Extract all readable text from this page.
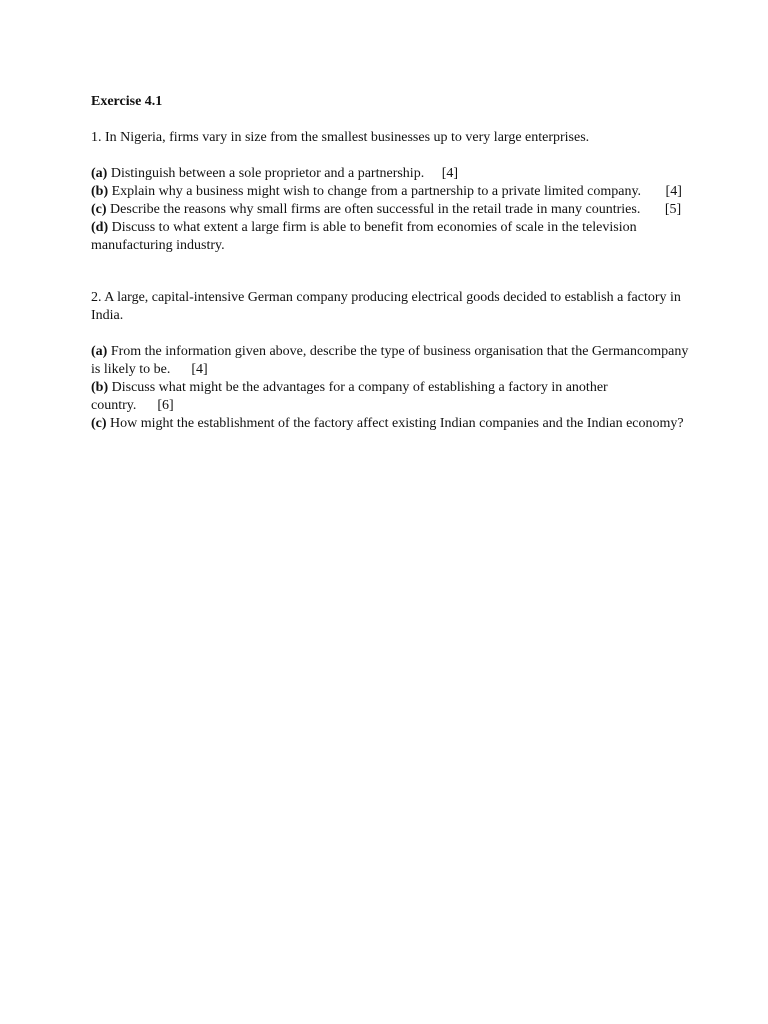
Exercise 4.1

1. In Nigeria, firms vary in size from the smallest businesses up to very large enterprises.

(a) Distinguish between a sole proprietor and a partnership. [4]

(b) Explain why a business might wish to change from a partnership to a private limited company. [4]

(c) Describe the reasons why small firms are often successful in the retail trade in many countries. [5]

(d) Discuss to what extent a large firm is able to benefit from economies of scale in the television manufacturing industry.

2. A large, capital-intensive German company producing electrical goods decided to establish a factory in India.

(a) From the information given above, describe the type of business organisation that the Germancompany is likely to be. [4]

(b) Discuss what might be the advantages for a company of establishing a factory in another country. [6]

(c) How might the establishment of the factory affect existing Indian companies and the Indian economy?
